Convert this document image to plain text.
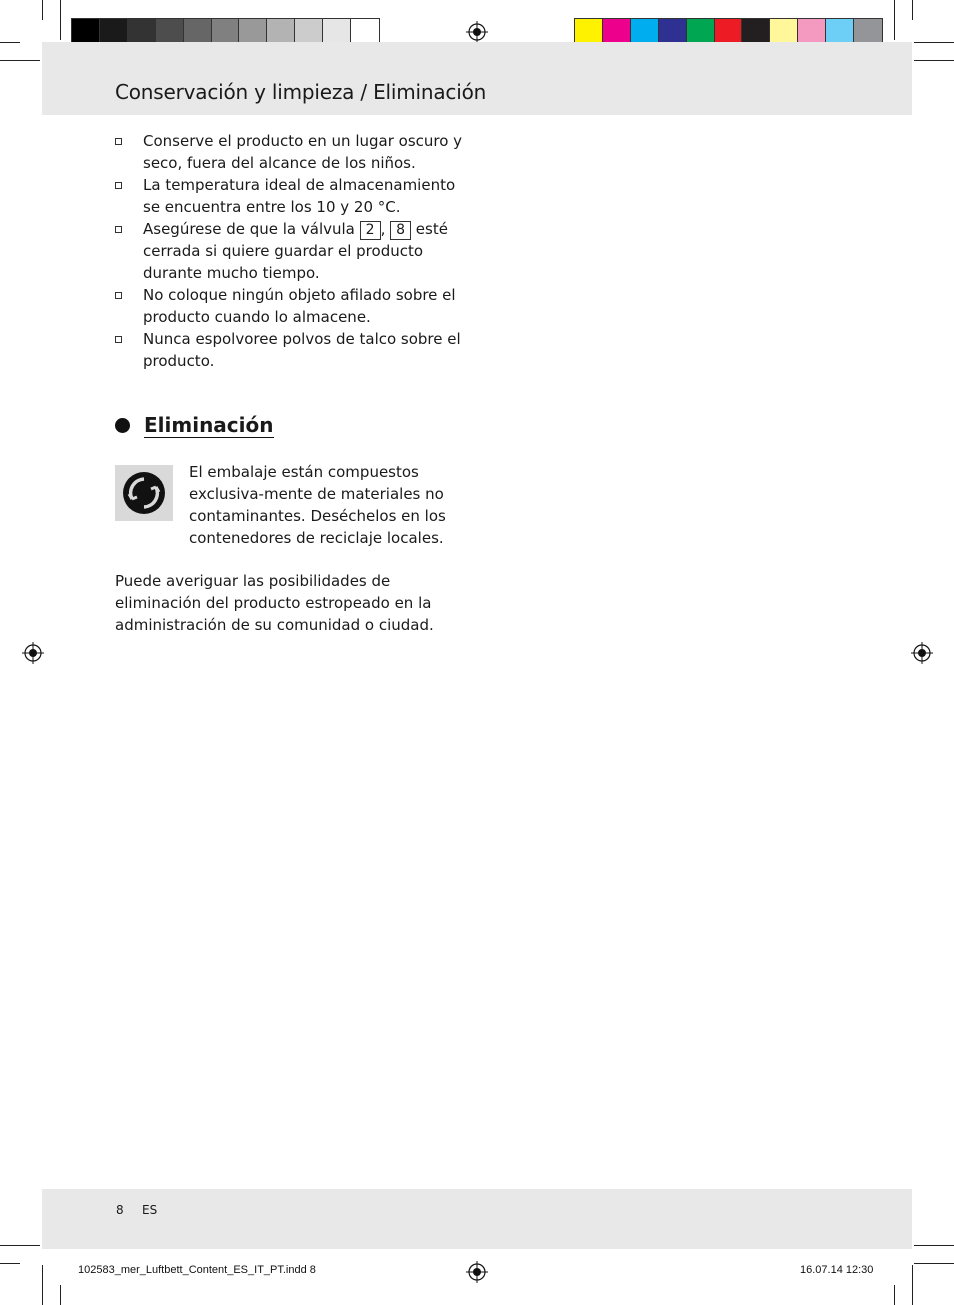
Conservación y limpieza / Eliminación
Conserve el producto en un lugar oscuro y seco, fuera del alcance de los niños.
La temperatura ideal de almacenamiento se encuentra entre los 10 y 20 °C.
Asegúrese de que la válvula 2 , 8 esté cerrada si quiere guardar el producto durante mucho tiempo.
No coloque ningún objeto afilado sobre el producto cuando lo almacene.
Nunca espolvoree polvos de talco sobre el producto.
Eliminación
El embalaje están compuestos exclusiva-mente de materiales no contaminantes. Deséchelos en los contenedores de reciclaje locales.
Puede averiguar las posibilidades de eliminación del producto estropeado en la administración de su comunidad o ciudad.
8 ES
102583_mer_Luftbett_Content_ES_IT_PT.indd 8	16.07.14 12:30
